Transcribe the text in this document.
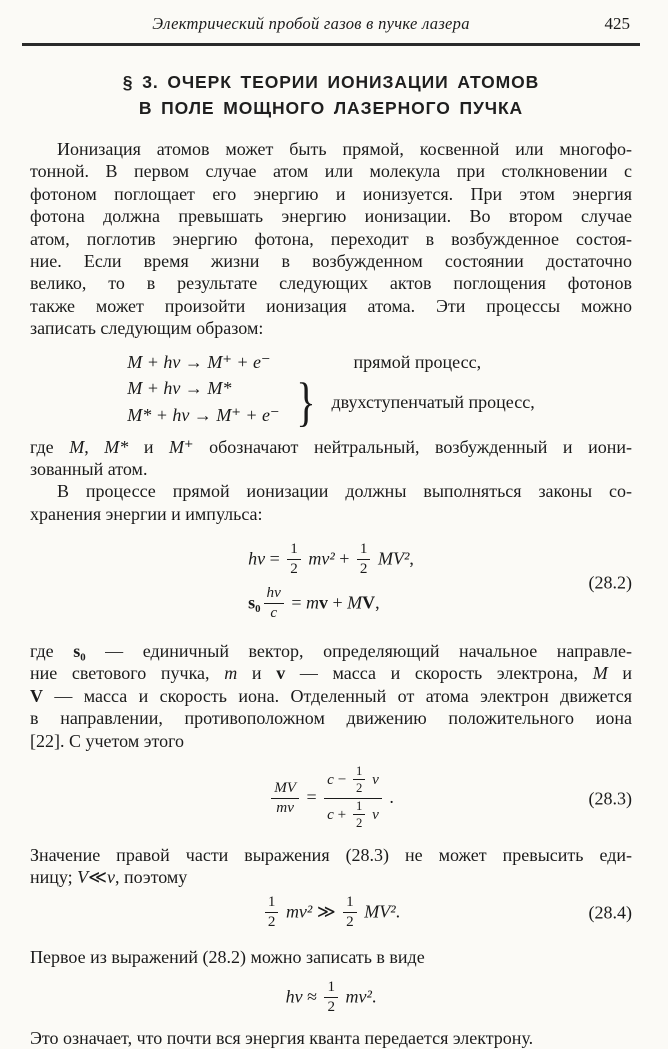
Электрический пробой газов в пучке лазера	425
§ 3. ОЧЕРК ТЕОРИИ ИОНИЗАЦИИ АТОМОВ
В ПОЛЕ МОЩНОГО ЛАЗЕРНОГО ПУЧКА
Ионизация атомов может быть прямой, косвенной или многофо-
тонной. В первом случае атом или молекула при столкновении с
фотоном поглощает его энергию и ионизуется. При этом энергия
фотона должна превышать энергию ионизации. Во втором случае
атом, поглотив энергию фотона, переходит в возбужденное состоя-
ние. Если время жизни в возбужденном состоянии достаточно
велико, то в результате следующих актов поглощения фотонов
также может произойти ионизация атома. Эти процессы можно
записать следующим образом:
M + hν → M⁺ + e⁻	прямой процесс,
M + hν → M*
M* + hν → M⁺ + e⁻ } двухступенчатый процесс,
где M, M* и M⁺ обозначают нейтральный, возбужденный и иони-
зованный атом.
В процессе прямой ионизации должны выполняться законы со-
хранения энергии и импульса:
$h\nu = \frac{1}{2} mv^2 + \frac{1}{2} MV^2$,
$s_0 \frac{h\nu}{c}$ = mv + MV,
(28.2)
где s₀ — единичный вектор, определяющий начальное направле-
ние светового пучка, m и v — масса и скорость электрона, M и
V — масса и скорость иона. Отделенный от атома электрон движется
в направлении, противоположном движению положительного иона
[22]. С учетом этого
$\frac{MV}{mv} = \frac{c - \frac{1}{2} v}{c + \frac{1}{2} v}$ .	(28.3)
Значение правой части выражения (28.3) не может превысить еди-
ницу; V≪v, поэтому
$\frac{1}{2} mv^2$ ≫ $\frac{1}{2} MV^2$.	(28.4)
Первое из выражений (28.2) можно записать в виде
$h\nu \approx \frac{1}{2} mv^2$.
Это означает, что почти вся энергия кванта передается электрону.
